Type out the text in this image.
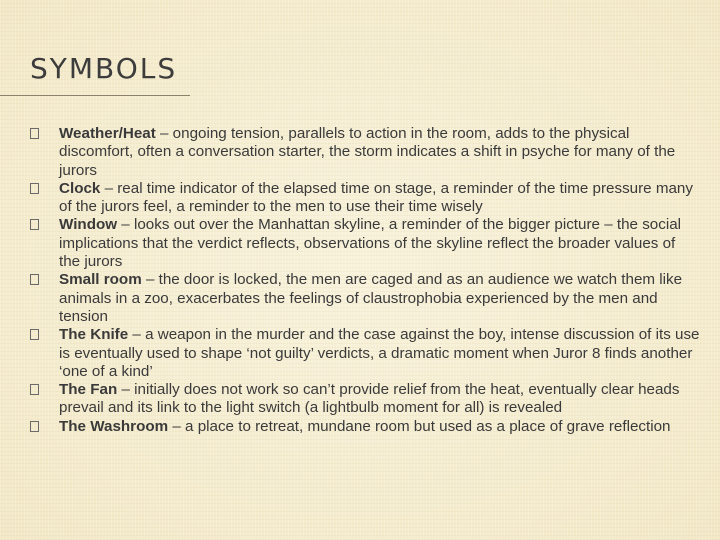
SYMBOLS
Weather/Heat – ongoing tension, parallels to action in the room, adds to the physical discomfort, often a conversation starter, the storm indicates a shift in psyche for many of the jurors
Clock – real time indicator of the elapsed time on stage, a reminder of the time pressure many of the jurors feel, a reminder to the men to use their time wisely
Window – looks out over the Manhattan skyline, a reminder of the bigger picture – the social implications that the verdict reflects, observations of the skyline reflect the broader values of the jurors
Small room – the door is locked, the men are caged and as an audience we watch them like animals in a zoo, exacerbates the feelings of claustrophobia experienced by the men and tension
The Knife – a weapon in the murder and the case against the boy, intense discussion of its use is eventually used to shape ‘not guilty’ verdicts, a dramatic moment when Juror 8 finds another ‘one of a kind’
The Fan – initially does not work so can’t provide relief from the heat, eventually clear heads prevail and its link to the light switch (a lightbulb moment for all) is revealed
The Washroom – a place to retreat, mundane room but used as a place of grave reflection
